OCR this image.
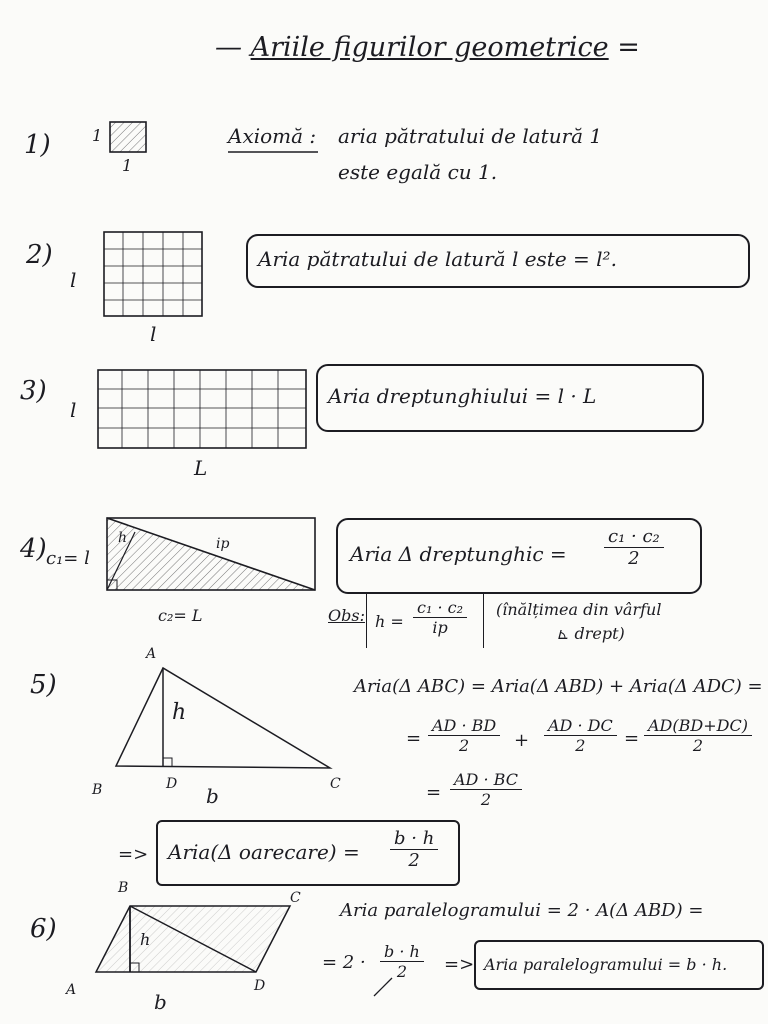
— Ariile figurilor geometrice =
1)	1
1
Axiomă : aria pătratului de latură 1
este egală cu 1.
2)
l
l
Aria pătratului de latură l este = l².
3)
l
L
Aria dreptunghiului = l · L
4) c₁= l
c₂= L
h	ip	Aria Δ dreptunghic = $\frac{\text{c₁ · c₂}}{2}$
Obs: $h = \frac{\text{c₁ · c₂}}{ip}$ (înălțimea din vârful
⊾ drept)
5)
A
B	C
D
h
b
Aria(Δ ABC) = Aria(Δ ABD) + Aria(Δ ADC) =
= $\frac{AD \cdot BD}{2} + \frac{AD \cdot DC}{2} = \frac{AD(BD+DC)}{2}$
= $\frac{AD \cdot BC}{2}$
=> Aria(Δ oarecare) = $\frac{b \cdot h}{2}$
6)
B
C
A	D
h
b
Aria paralelogramului = 2 · A(Δ ABD) =
= $2 \cdot \frac{b \cdot h}{2}$ => Aria paralelogramului = b · h.
